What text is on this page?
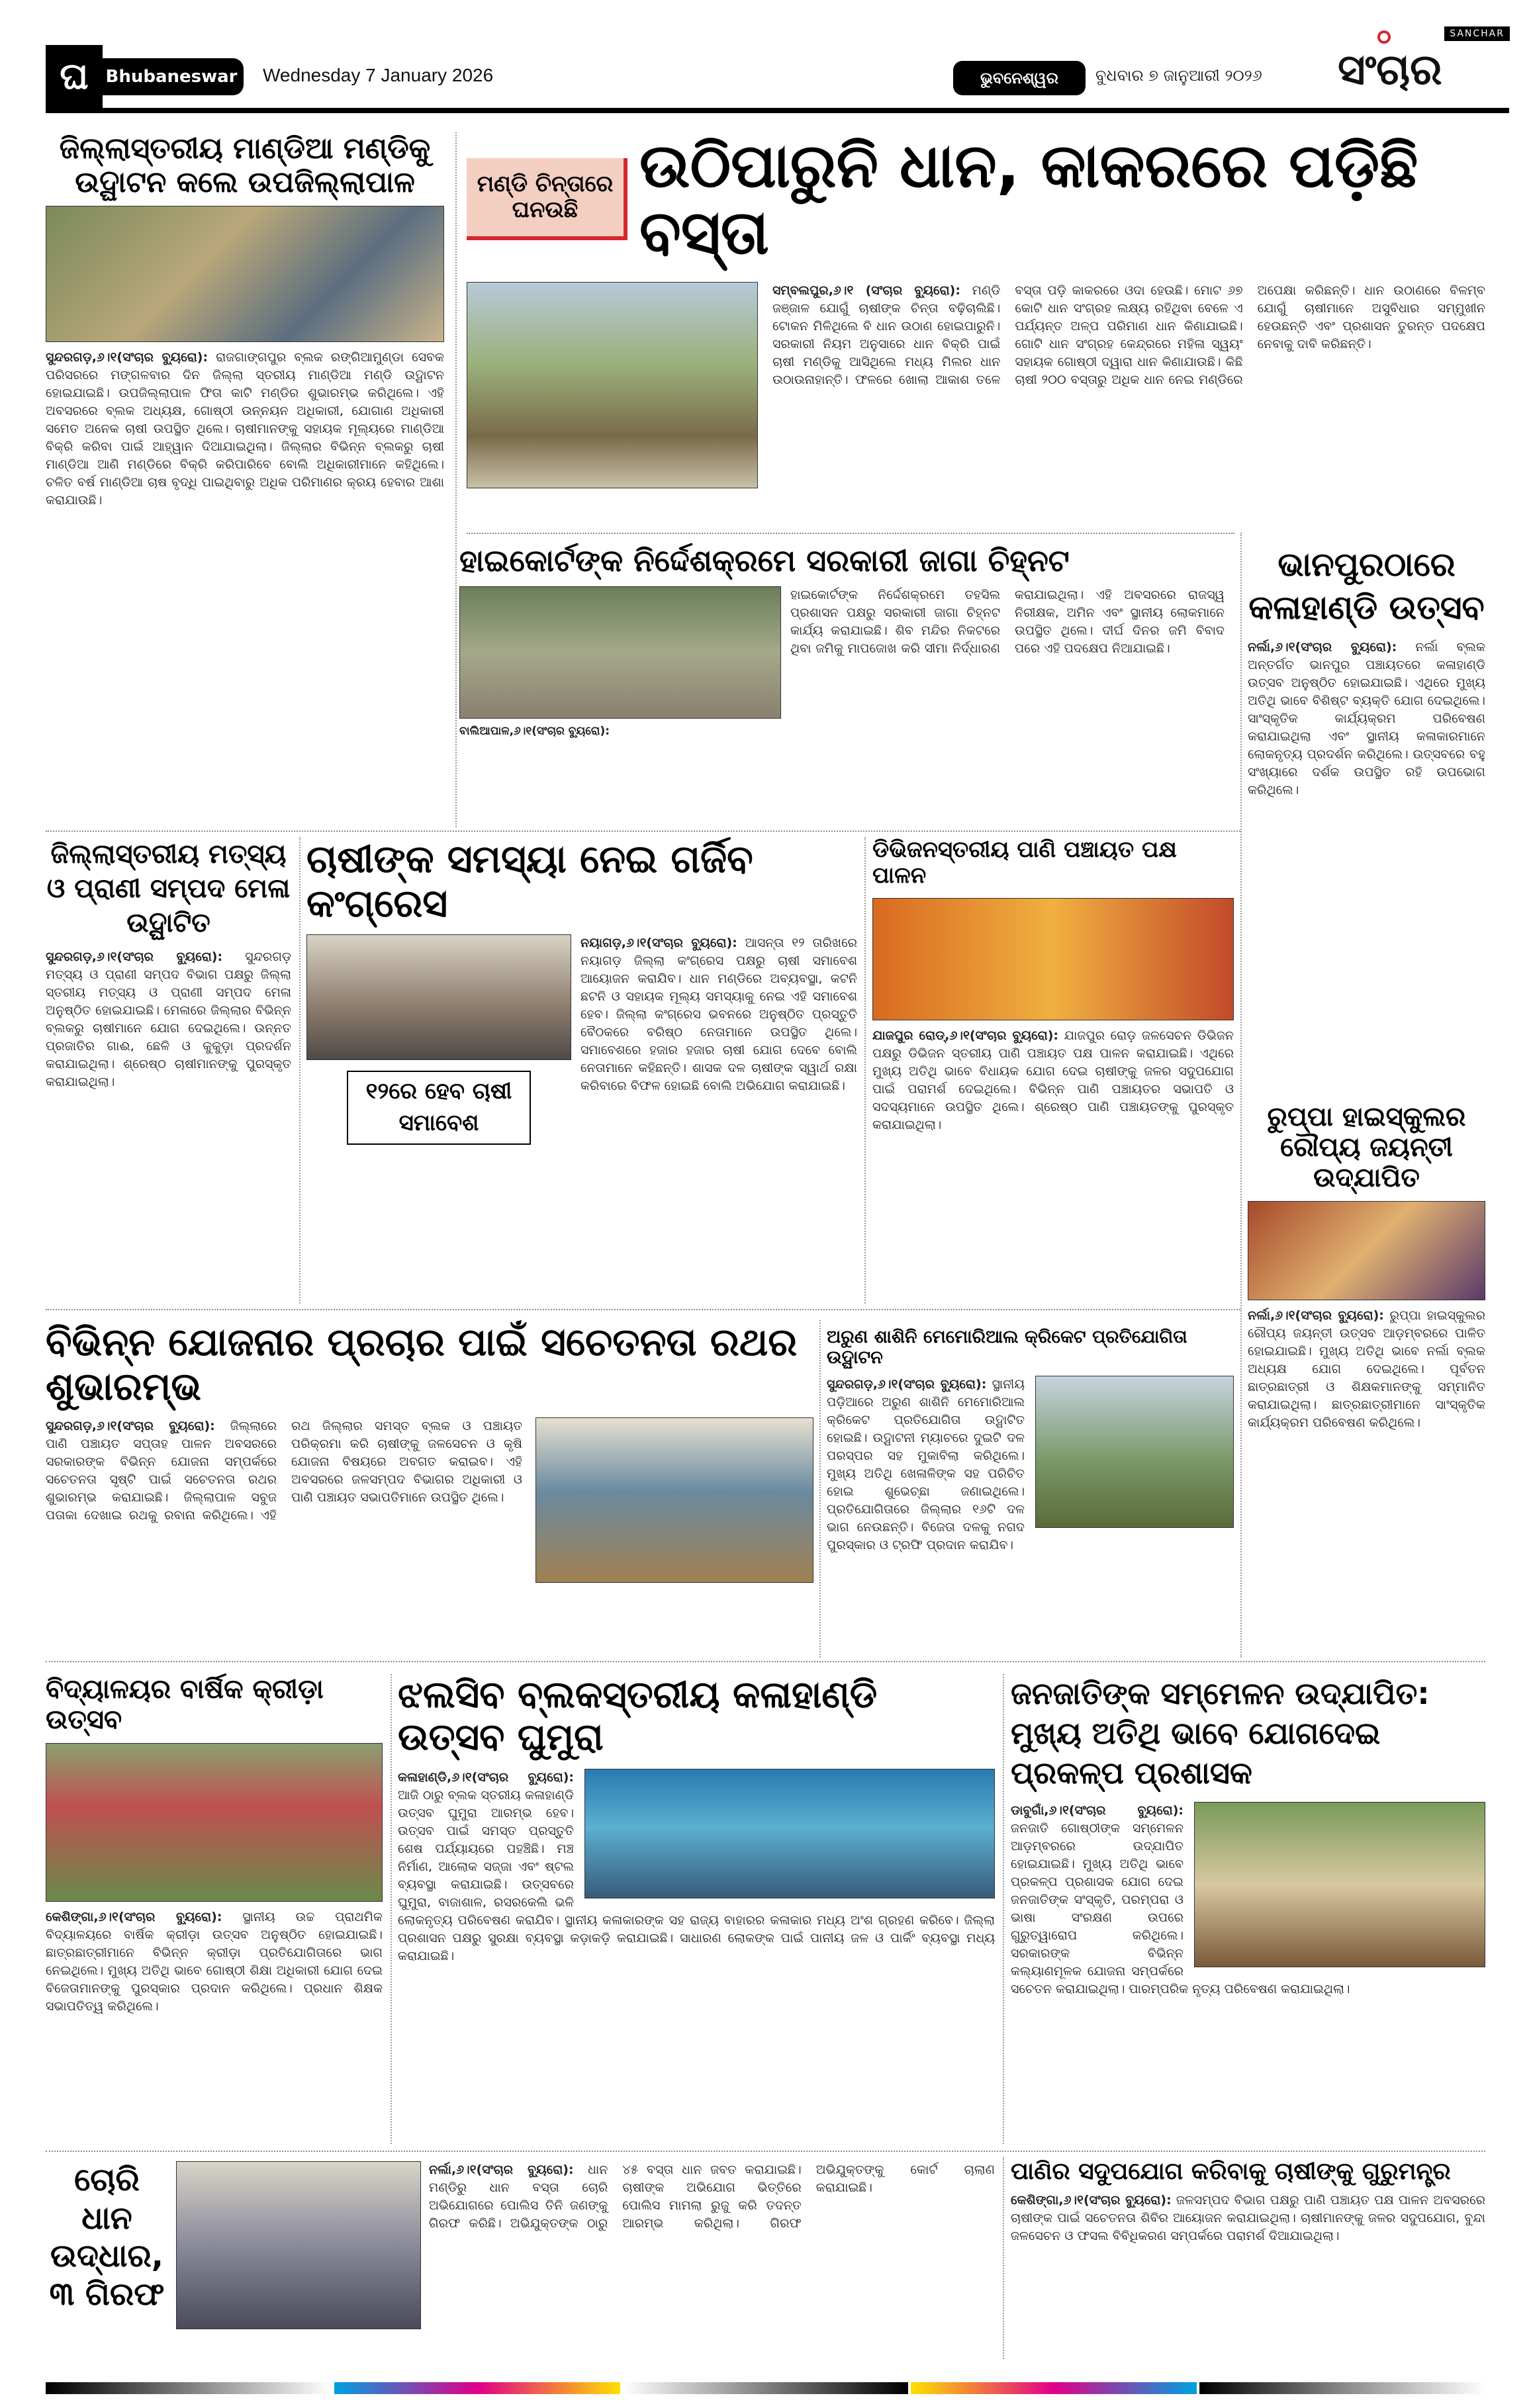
ଘ Bhubaneswar	Wednesday 7 January 2026	ଭୁବନେଶ୍ୱର	ବୁଧବାର ୭ ଜାନୁଆରୀ ୨୦୨୬
SANCHAR
ସଂଚାର
ଜିଲ୍ଲାସ୍ତରୀୟ ମାଣ୍ଡିଆ ମଣ୍ଡିକୁ ଉଦ୍ଘାଟନ କଲେ ଉପଜିଲ୍ଲାପାଳ
ସୁନ୍ଦରଗଡ଼,୬।୧(ସଂଚାର ବ୍ୟୁରୋ): ରାଜଗାଙ୍ଗପୁର ବ୍ଲକ ରଙ୍ଗିଆମୁଣ୍ଡା ସେବକ ପରିସରରେ ମଙ୍ଗଳବାର ଦିନ ଜିଲ୍ଲା ସ୍ତରୀୟ ମାଣ୍ଡିଆ ମଣ୍ଡି ଉଦ୍ଘାଟନ ହୋଇଯାଇଛି। ଉପଜିଲ୍ଲାପାଳ ଫିତା କାଟି ମଣ୍ଡିର ଶୁଭାରମ୍ଭ କରିଥିଲେ। ଏହି ଅବସରରେ ବ୍ଲକ ଅଧ୍ୟକ୍ଷ, ଗୋଷ୍ଠୀ ଉନ୍ନୟନ ଅଧିକାରୀ, ଯୋଗାଣ ଅଧିକାରୀ ସମେତ ଅନେକ ଚାଷୀ ଉପସ୍ଥିତ ଥିଲେ। ଚାଷୀମାନଙ୍କୁ ସହାୟକ ମୂଲ୍ୟରେ ମାଣ୍ଡିଆ ବିକ୍ରି କରିବା ପାଇଁ ଆହ୍ୱାନ ଦିଆଯାଇଥିଲା। ଜିଲ୍ଲାର ବିଭିନ୍ନ ବ୍ଲକରୁ ଚାଷୀ ମାଣ୍ଡିଆ ଆଣି ମଣ୍ଡିରେ ବିକ୍ରି କରିପାରିବେ ବୋଲି ଅଧିକାରୀମାନେ କହିଥିଲେ। ଚଳିତ ବର୍ଷ ମାଣ୍ଡିଆ ଚାଷ ବୃଦ୍ଧି ପାଇଥିବାରୁ ଅଧିକ ପରିମାଣର କ୍ରୟ ହେବାର ଆଶା କରାଯାଉଛି।
ମଣ୍ଡି ଚିନ୍ତାରେ ଘନଉଛି
ଉଠିପାରୁନି ଧାନ, କାକରରେ ପଡ଼ିଛି ବସ୍ତା
ସମ୍ବଲପୁର,୬।୧ (ସଂଚାର ବ୍ୟୁରୋ): ମଣ୍ଡି ଜଞ୍ଜାଳ ଯୋଗୁଁ ଚାଷୀଙ୍କ ଚିନ୍ତା ବଢ଼ିଚାଲିଛି। ଟୋକନ ମିଳିଥିଲେ ବି ଧାନ ଉଠାଣ ହୋଇପାରୁନି। ସରକାରୀ ନିୟମ ଅନୁସାରେ ଧାନ ବିକ୍ରି ପାଇଁ ଚାଷୀ ମଣ୍ଡିକୁ ଆସିଥିଲେ ମଧ୍ୟ ମିଲର ଧାନ ଉଠାଉନାହାନ୍ତି। ଫଳରେ ଖୋଲା ଆକାଶ ତଳେ ବସ୍ତା ପଡ଼ି କାକରରେ ଓଦା ହେଉଛି। ମୋଟ ୬୭ କୋଟି ଧାନ ସଂଗ୍ରହ ଲକ୍ଷ୍ୟ ରହିଥିବା ବେଳେ ଏ ପର୍ଯ୍ୟନ୍ତ ଅଳ୍ପ ପରିମାଣ ଧାନ କିଣାଯାଇଛି। ଗୋଟି ଧାନ ସଂଗ୍ରହ କେନ୍ଦ୍ରରେ ମହିଳା ସ୍ୱୟଂ ସହାୟକ ଗୋଷ୍ଠୀ ଦ୍ୱାରା ଧାନ କିଣାଯାଉଛି। କିଛି ଚାଷୀ ୨୦୦ ବସ୍ତାରୁ ଅଧିକ ଧାନ ନେଇ ମଣ୍ଡିରେ ଅପେକ୍ଷା କରିଛନ୍ତି। ଧାନ ଉଠାଣରେ ବିଳମ୍ବ ଯୋଗୁଁ ଚାଷୀମାନେ ଅସୁବିଧାର ସମ୍ମୁଖୀନ ହେଉଛନ୍ତି ଏବଂ ପ୍ରଶାସନ ତୁରନ୍ତ ପଦକ୍ଷେପ ନେବାକୁ ଦାବି କରିଛନ୍ତି।
ହାଇକୋର୍ଟଙ୍କ ନିର୍ଦ୍ଦେଶକ୍ରମେ ସରକାରୀ ଜାଗା ଚିହ୍ନଟ
ବାଲିଆପାଳ,୬।୧(ସଂଚାର ବ୍ୟୁରୋ):
ହାଇକୋର୍ଟଙ୍କ ନିର୍ଦ୍ଦେଶକ୍ରମେ ତହସିଲ ପ୍ରଶାସନ ପକ୍ଷରୁ ସରକାରୀ ଜାଗା ଚିହ୍ନଟ କାର୍ଯ୍ୟ କରାଯାଇଛି। ଶିବ ମନ୍ଦିର ନିକଟରେ ଥିବା ଜମିକୁ ମାପଜୋଖ କରି ସୀମା ନିର୍ଦ୍ଧାରଣ କରାଯାଇଥିଲା। ଏହି ଅବସରରେ ରାଜସ୍ୱ ନିରୀକ୍ଷକ, ଅମିନ ଏବଂ ସ୍ଥାନୀୟ ଲୋକମାନେ ଉପସ୍ଥିତ ଥିଲେ। ଦୀର୍ଘ ଦିନର ଜମି ବିବାଦ ପରେ ଏହି ପଦକ୍ଷେପ ନିଆଯାଇଛି।
ଭାନପୁରଠାରେ କଳାହାଣ୍ଡି ଉତ୍ସବ
ନର୍ଲା,୬।୧(ସଂଚାର ବ୍ୟୁରୋ): ନର୍ଲା ବ୍ଲକ ଅନ୍ତର୍ଗତ ଭାନପୁର ପଞ୍ଚାୟତରେ କଳାହାଣ୍ଡି ଉତ୍ସବ ଅନୁଷ୍ଠିତ ହୋଇଯାଇଛି। ଏଥିରେ ମୁଖ୍ୟ ଅତିଥି ଭାବେ ବିଶିଷ୍ଟ ବ୍ୟକ୍ତି ଯୋଗ ଦେଇଥିଲେ। ସାଂସ୍କୃତିକ କାର୍ଯ୍ୟକ୍ରମ ପରିବେଷଣ କରାଯାଇଥିଲା ଏବଂ ସ୍ଥାନୀୟ କଳାକାରମାନେ ଲୋକନୃତ୍ୟ ପ୍ରଦର୍ଶନ କରିଥିଲେ। ଉତ୍ସବରେ ବହୁ ସଂଖ୍ୟାରେ ଦର୍ଶକ ଉପସ୍ଥିତ ରହି ଉପଭୋଗ କରିଥିଲେ।
ରୁପ୍ପା ହାଇସ୍କୁଲର ରୌପ୍ୟ ଜୟନ୍ତୀ ଉଦ୍ଯାପିତ
ନର୍ଲା,୬।୧(ସଂଚାର ବ୍ୟୁରୋ): ରୁପ୍ପା ହାଇସ୍କୁଲର ରୌପ୍ୟ ଜୟନ୍ତୀ ଉତ୍ସବ ଆଡ଼ମ୍ବରରେ ପାଳିତ ହୋଇଯାଇଛି। ମୁଖ୍ୟ ଅତିଥି ଭାବେ ନର୍ଲା ବ୍ଲକ ଅଧ୍ୟକ୍ଷ ଯୋଗ ଦେଇଥିଲେ। ପୂର୍ବତନ ଛାତ୍ରଛାତ୍ରୀ ଓ ଶିକ୍ଷକମାନଙ୍କୁ ସମ୍ମାନିତ କରାଯାଇଥିଲା। ଛାତ୍ରଛାତ୍ରୀମାନେ ସାଂସ୍କୃତିକ କାର୍ଯ୍ୟକ୍ରମ ପରିବେଷଣ କରିଥିଲେ।
ଜିଲ୍ଲାସ୍ତରୀୟ ମତ୍ସ୍ୟ ଓ ପ୍ରାଣୀ ସମ୍ପଦ ମେଳା ଉଦ୍ଘାଟିତ
ସୁନ୍ଦରଗଡ଼,୬।୧(ସଂଚାର ବ୍ୟୁରୋ): ସୁନ୍ଦରଗଡ଼ ମତ୍ସ୍ୟ ଓ ପ୍ରାଣୀ ସମ୍ପଦ ବିଭାଗ ପକ୍ଷରୁ ଜିଲ୍ଲା ସ୍ତରୀୟ ମତ୍ସ୍ୟ ଓ ପ୍ରାଣୀ ସମ୍ପଦ ମେଳା ଅନୁଷ୍ଠିତ ହୋଇଯାଇଛି। ମେଳାରେ ଜିଲ୍ଲାର ବିଭିନ୍ନ ବ୍ଲକରୁ ଚାଷୀମାନେ ଯୋଗ ଦେଇଥିଲେ। ଉନ୍ନତ ପ୍ରଜାତିର ଗାଈ, ଛେଳି ଓ କୁକୁଡ଼ା ପ୍ରଦର୍ଶନ କରାଯାଇଥିଲା। ଶ୍ରେଷ୍ଠ ଚାଷୀମାନଙ୍କୁ ପୁରସ୍କୃତ କରାଯାଇଥିଲା।
ଚାଷୀଙ୍କ ସମସ୍ୟା ନେଇ ଗର୍ଜିବ କଂଗ୍ରେସ
୧୨ରେ ହେବ ଚାଷୀ ସମାବେଶ
ନୟାଗଡ଼,୬।୧(ସଂଚାର ବ୍ୟୁରୋ): ଆସନ୍ତା ୧୨ ତାରିଖରେ ନୟାଗଡ଼ ଜିଲ୍ଲା କଂଗ୍ରେସ ପକ୍ଷରୁ ଚାଷୀ ସମାବେଶ ଆୟୋଜନ କରାଯିବ। ଧାନ ମଣ୍ଡିରେ ଅବ୍ୟବସ୍ଥା, କଟନି ଛଟନି ଓ ସହାୟକ ମୂଲ୍ୟ ସମସ୍ୟାକୁ ନେଇ ଏହି ସମାବେଶ ହେବ। ଜିଲ୍ଲା କଂଗ୍ରେସ ଭବନରେ ଅନୁଷ୍ଠିତ ପ୍ରସ୍ତୁତି ବୈଠକରେ ବରିଷ୍ଠ ନେତାମାନେ ଉପସ୍ଥିତ ଥିଲେ। ସମାବେଶରେ ହଜାର ହଜାର ଚାଷୀ ଯୋଗ ଦେବେ ବୋଲି ନେତାମାନେ କହିଛନ୍ତି। ଶାସକ ଦଳ ଚାଷୀଙ୍କ ସ୍ୱାର୍ଥ ରକ୍ଷା କରିବାରେ ବିଫଳ ହୋଇଛି ବୋଲି ଅଭିଯୋଗ କରାଯାଇଛି।
ଡିଭିଜନସ୍ତରୀୟ ପାଣି ପଞ୍ଚାୟତ ପକ୍ଷ ପାଳନ
ଯାଜପୁର ରୋଡ୍,୬।୧(ସଂଚାର ବ୍ୟୁରୋ): ଯାଜପୁର ରୋଡ଼ ଜଳସେଚନ ଡିଭିଜନ ପକ୍ଷରୁ ଡିଭିଜନ ସ୍ତରୀୟ ପାଣି ପଞ୍ଚାୟତ ପକ୍ଷ ପାଳନ କରାଯାଇଛି। ଏଥିରେ ମୁଖ୍ୟ ଅତିଥି ଭାବେ ବିଧାୟକ ଯୋଗ ଦେଇ ଚାଷୀଙ୍କୁ ଜଳର ସଦୁପଯୋଗ ପାଇଁ ପରାମର୍ଶ ଦେଇଥିଲେ। ବିଭିନ୍ନ ପାଣି ପଞ୍ଚାୟତର ସଭାପତି ଓ ସଦସ୍ୟମାନେ ଉପସ୍ଥିତ ଥିଲେ। ଶ୍ରେଷ୍ଠ ପାଣି ପଞ୍ଚାୟତଙ୍କୁ ପୁରସ୍କୃତ କରାଯାଇଥିଲା।
ବିଭିନ୍ନ ଯୋଜନାର ପ୍ରଚାର ପାଇଁ ସଚେତନତା ରଥର ଶୁଭାରମ୍ଭ
ସୁନ୍ଦରଗଡ଼,୬।୧(ସଂଚାର ବ୍ୟୁରୋ): ଜିଲ୍ଲାରେ ପାଣି ପଞ୍ଚାୟତ ସପ୍ତାହ ପାଳନ ଅବସରରେ ସରକାରଙ୍କ ବିଭିନ୍ନ ଯୋଜନା ସମ୍ପର୍କରେ ସଚେତନତା ସୃଷ୍ଟି ପାଇଁ ସଚେତନତା ରଥର ଶୁଭାରମ୍ଭ କରାଯାଇଛି। ଜିଲ୍ଲାପାଳ ସବୁଜ ପତାକା ଦେଖାଇ ରଥକୁ ରବାନା କରିଥିଲେ। ଏହି ରଥ ଜିଲ୍ଲାର ସମସ୍ତ ବ୍ଲକ ଓ ପଞ୍ଚାୟତ ପରିକ୍ରମା କରି ଚାଷୀଙ୍କୁ ଜଳସେଚନ ଓ କୃଷି ଯୋଜନା ବିଷୟରେ ଅବଗତ କରାଇବ। ଏହି ଅବସରରେ ଜଳସମ୍ପଦ ବିଭାଗର ଅଧିକାରୀ ଓ ପାଣି ପଞ୍ଚାୟତ ସଭାପତିମାନେ ଉପସ୍ଥିତ ଥିଲେ।
ଅରୁଣ ଶାଶିନି ମେମୋରିଆଲ କ୍ରିକେଟ ପ୍ରତିଯୋଗିତା ଉଦ୍ଘାଟନ
ସୁନ୍ଦରଗଡ଼,୬।୧(ସଂଚାର ବ୍ୟୁରୋ): ସ୍ଥାନୀୟ ପଡ଼ିଆରେ ଅରୁଣ ଶାଶିନି ମେମୋରିଆଲ କ୍ରିକେଟ ପ୍ରତିଯୋଗିତା ଉଦ୍ଘାଟିତ ହୋଇଛି। ଉଦ୍ଘାଟନୀ ମ୍ୟାଚରେ ଦୁଇଟି ଦଳ ପରସ୍ପର ସହ ମୁକାବିଲା କରିଥିଲେ। ମୁଖ୍ୟ ଅତିଥି ଖେଳାଳିଙ୍କ ସହ ପରିଚିତ ହୋଇ ଶୁଭେଚ୍ଛା ଜଣାଇଥିଲେ। ପ୍ରତିଯୋଗିତାରେ ଜିଲ୍ଲାର ୧୬ଟି ଦଳ ଭାଗ ନେଉଛନ୍ତି। ବିଜେତା ଦଳକୁ ନଗଦ ପୁରସ୍କାର ଓ ଟ୍ରଫି ପ୍ରଦାନ କରାଯିବ।
ବିଦ୍ୟାଳୟର ବାର୍ଷିକ କ୍ରୀଡ଼ା ଉତ୍ସବ
କେଶିଙ୍ଗା,୬।୧(ସଂଚାର ବ୍ୟୁରୋ): ସ୍ଥାନୀୟ ଉଚ୍ଚ ପ୍ରାଥମିକ ବିଦ୍ୟାଳୟରେ ବାର୍ଷିକ କ୍ରୀଡ଼ା ଉତ୍ସବ ଅନୁଷ୍ଠିତ ହୋଇଯାଇଛି। ଛାତ୍ରଛାତ୍ରୀମାନେ ବିଭିନ୍ନ କ୍ରୀଡ଼ା ପ୍ରତିଯୋଗିତାରେ ଭାଗ ନେଇଥିଲେ। ମୁଖ୍ୟ ଅତିଥି ଭାବେ ଗୋଷ୍ଠୀ ଶିକ୍ଷା ଅଧିକାରୀ ଯୋଗ ଦେଇ ବିଜେତାମାନଙ୍କୁ ପୁରସ୍କାର ପ୍ରଦାନ କରିଥିଲେ। ପ୍ରଧାନ ଶିକ୍ଷକ ସଭାପତିତ୍ୱ କରିଥିଲେ।
ଝଲସିବ ବ୍ଲକସ୍ତରୀୟ କଳାହାଣ୍ଡି ଉତ୍ସବ ଘୁମୁରା
କଳାହାଣ୍ଡି,୬।୧(ସଂଚାର ବ୍ୟୁରୋ): ଆଜି ଠାରୁ ବ୍ଲକ ସ୍ତରୀୟ କଳାହାଣ୍ଡି ଉତ୍ସବ ଘୁମୁରା ଆରମ୍ଭ ହେବ। ଉତ୍ସବ ପାଇଁ ସମସ୍ତ ପ୍ରସ୍ତୁତି ଶେଷ ପର୍ଯ୍ୟାୟରେ ପହଞ୍ଚିଛି। ମଞ୍ଚ ନିର୍ମାଣ, ଆଲୋକ ସଜ୍ଜା ଏବଂ ଷ୍ଟଲ ବ୍ୟବସ୍ଥା କରାଯାଇଛି। ଉତ୍ସବରେ ଘୁମୁରା, ବାଜାଶାଳ, ରସରକେଲି ଭଳି ଲୋକନୃତ୍ୟ ପରିବେଷଣ କରାଯିବ। ସ୍ଥାନୀୟ କଳାକାରଙ୍କ ସହ ରାଜ୍ୟ ବାହାରର କଳାକାର ମଧ୍ୟ ଅଂଶ ଗ୍ରହଣ କରିବେ। ଜିଲ୍ଲା ପ୍ରଶାସନ ପକ୍ଷରୁ ସୁରକ୍ଷା ବ୍ୟବସ୍ଥା କଡ଼ାକଡ଼ି କରାଯାଇଛି। ସାଧାରଣ ଲୋକଙ୍କ ପାଇଁ ପାନୀୟ ଜଳ ଓ ପାର୍କିଂ ବ୍ୟବସ୍ଥା ମଧ୍ୟ କରାଯାଇଛି।
ଜନଜାତିଙ୍କ ସମ୍ମେଳନ ଉଦ୍ଯାପିତ: ମୁଖ୍ୟ ଅତିଥି ଭାବେ ଯୋଗଦେଇ ପ୍ରକଳ୍ପ ପ୍ରଶାସକ
ଡାବୁଗାଁ,୬।୧(ସଂଚାର ବ୍ୟୁରୋ): ଜନଜାତି ଗୋଷ୍ଠୀଙ୍କ ସମ୍ମେଳନ ଆଡ଼ମ୍ବରରେ ଉଦ୍ଯାପିତ ହୋଇଯାଇଛି। ମୁଖ୍ୟ ଅତିଥି ଭାବେ ପ୍ରକଳ୍ପ ପ୍ରଶାସକ ଯୋଗ ଦେଇ ଜନଜାତିଙ୍କ ସଂସ୍କୃତି, ପରମ୍ପରା ଓ ଭାଷା ସଂରକ୍ଷଣ ଉପରେ ଗୁରୁତ୍ୱାରୋପ କରିଥିଲେ। ସରକାରଙ୍କ ବିଭିନ୍ନ କଲ୍ୟାଣମୂଳକ ଯୋଜନା ସମ୍ପର୍କରେ ସଚେତନ କରାଯାଇଥିଲା। ପାରମ୍ପରିକ ନୃତ୍ୟ ପରିବେଷଣ କରାଯାଇଥିଲା।
ଚୋରି ଧାନ ଉଦ୍ଧାର, ୩ ଗିରଫ
ନର୍ଲା,୬।୧(ସଂଚାର ବ୍ୟୁରୋ): ଧାନ ମଣ୍ଡିରୁ ଧାନ ବସ୍ତା ଚୋରି ଅଭିଯୋଗରେ ପୋଲିସ ତିନି ଜଣଙ୍କୁ ଗିରଫ କରିଛି। ଅଭିଯୁକ୍ତଙ୍କ ଠାରୁ ୪୫ ବସ୍ତା ଧାନ ଜବତ କରାଯାଇଛି। ଚାଷୀଙ୍କ ଅଭିଯୋଗ ଭିତ୍ତିରେ ପୋଲିସ ମାମଲା ରୁଜୁ କରି ତଦନ୍ତ ଆରମ୍ଭ କରିଥିଲା। ଗିରଫ ଅଭିଯୁକ୍ତଙ୍କୁ କୋର୍ଟ ଚାଲାଣ କରାଯାଇଛି।
ପାଣିର ସଦୁପଯୋଗ କରିବାକୁ ଚାଷୀଙ୍କୁ ଗୁରୁମନ୍ତ୍ର
କେଶିଙ୍ଗା,୬।୧(ସଂଚାର ବ୍ୟୁରୋ): ଜଳସମ୍ପଦ ବିଭାଗ ପକ୍ଷରୁ ପାଣି ପଞ୍ଚାୟତ ପକ୍ଷ ପାଳନ ଅବସରରେ ଚାଷୀଙ୍କ ପାଇଁ ସଚେତନତା ଶିବିର ଆୟୋଜନ କରାଯାଇଥିଲା। ଚାଷୀମାନଙ୍କୁ ଜଳର ସଦୁପଯୋଗ, ବୁନ୍ଦା ଜଳସେଚନ ଓ ଫସଲ ବିବିଧିକରଣ ସମ୍ପର୍କରେ ପରାମର୍ଶ ଦିଆଯାଇଥିଲା।
